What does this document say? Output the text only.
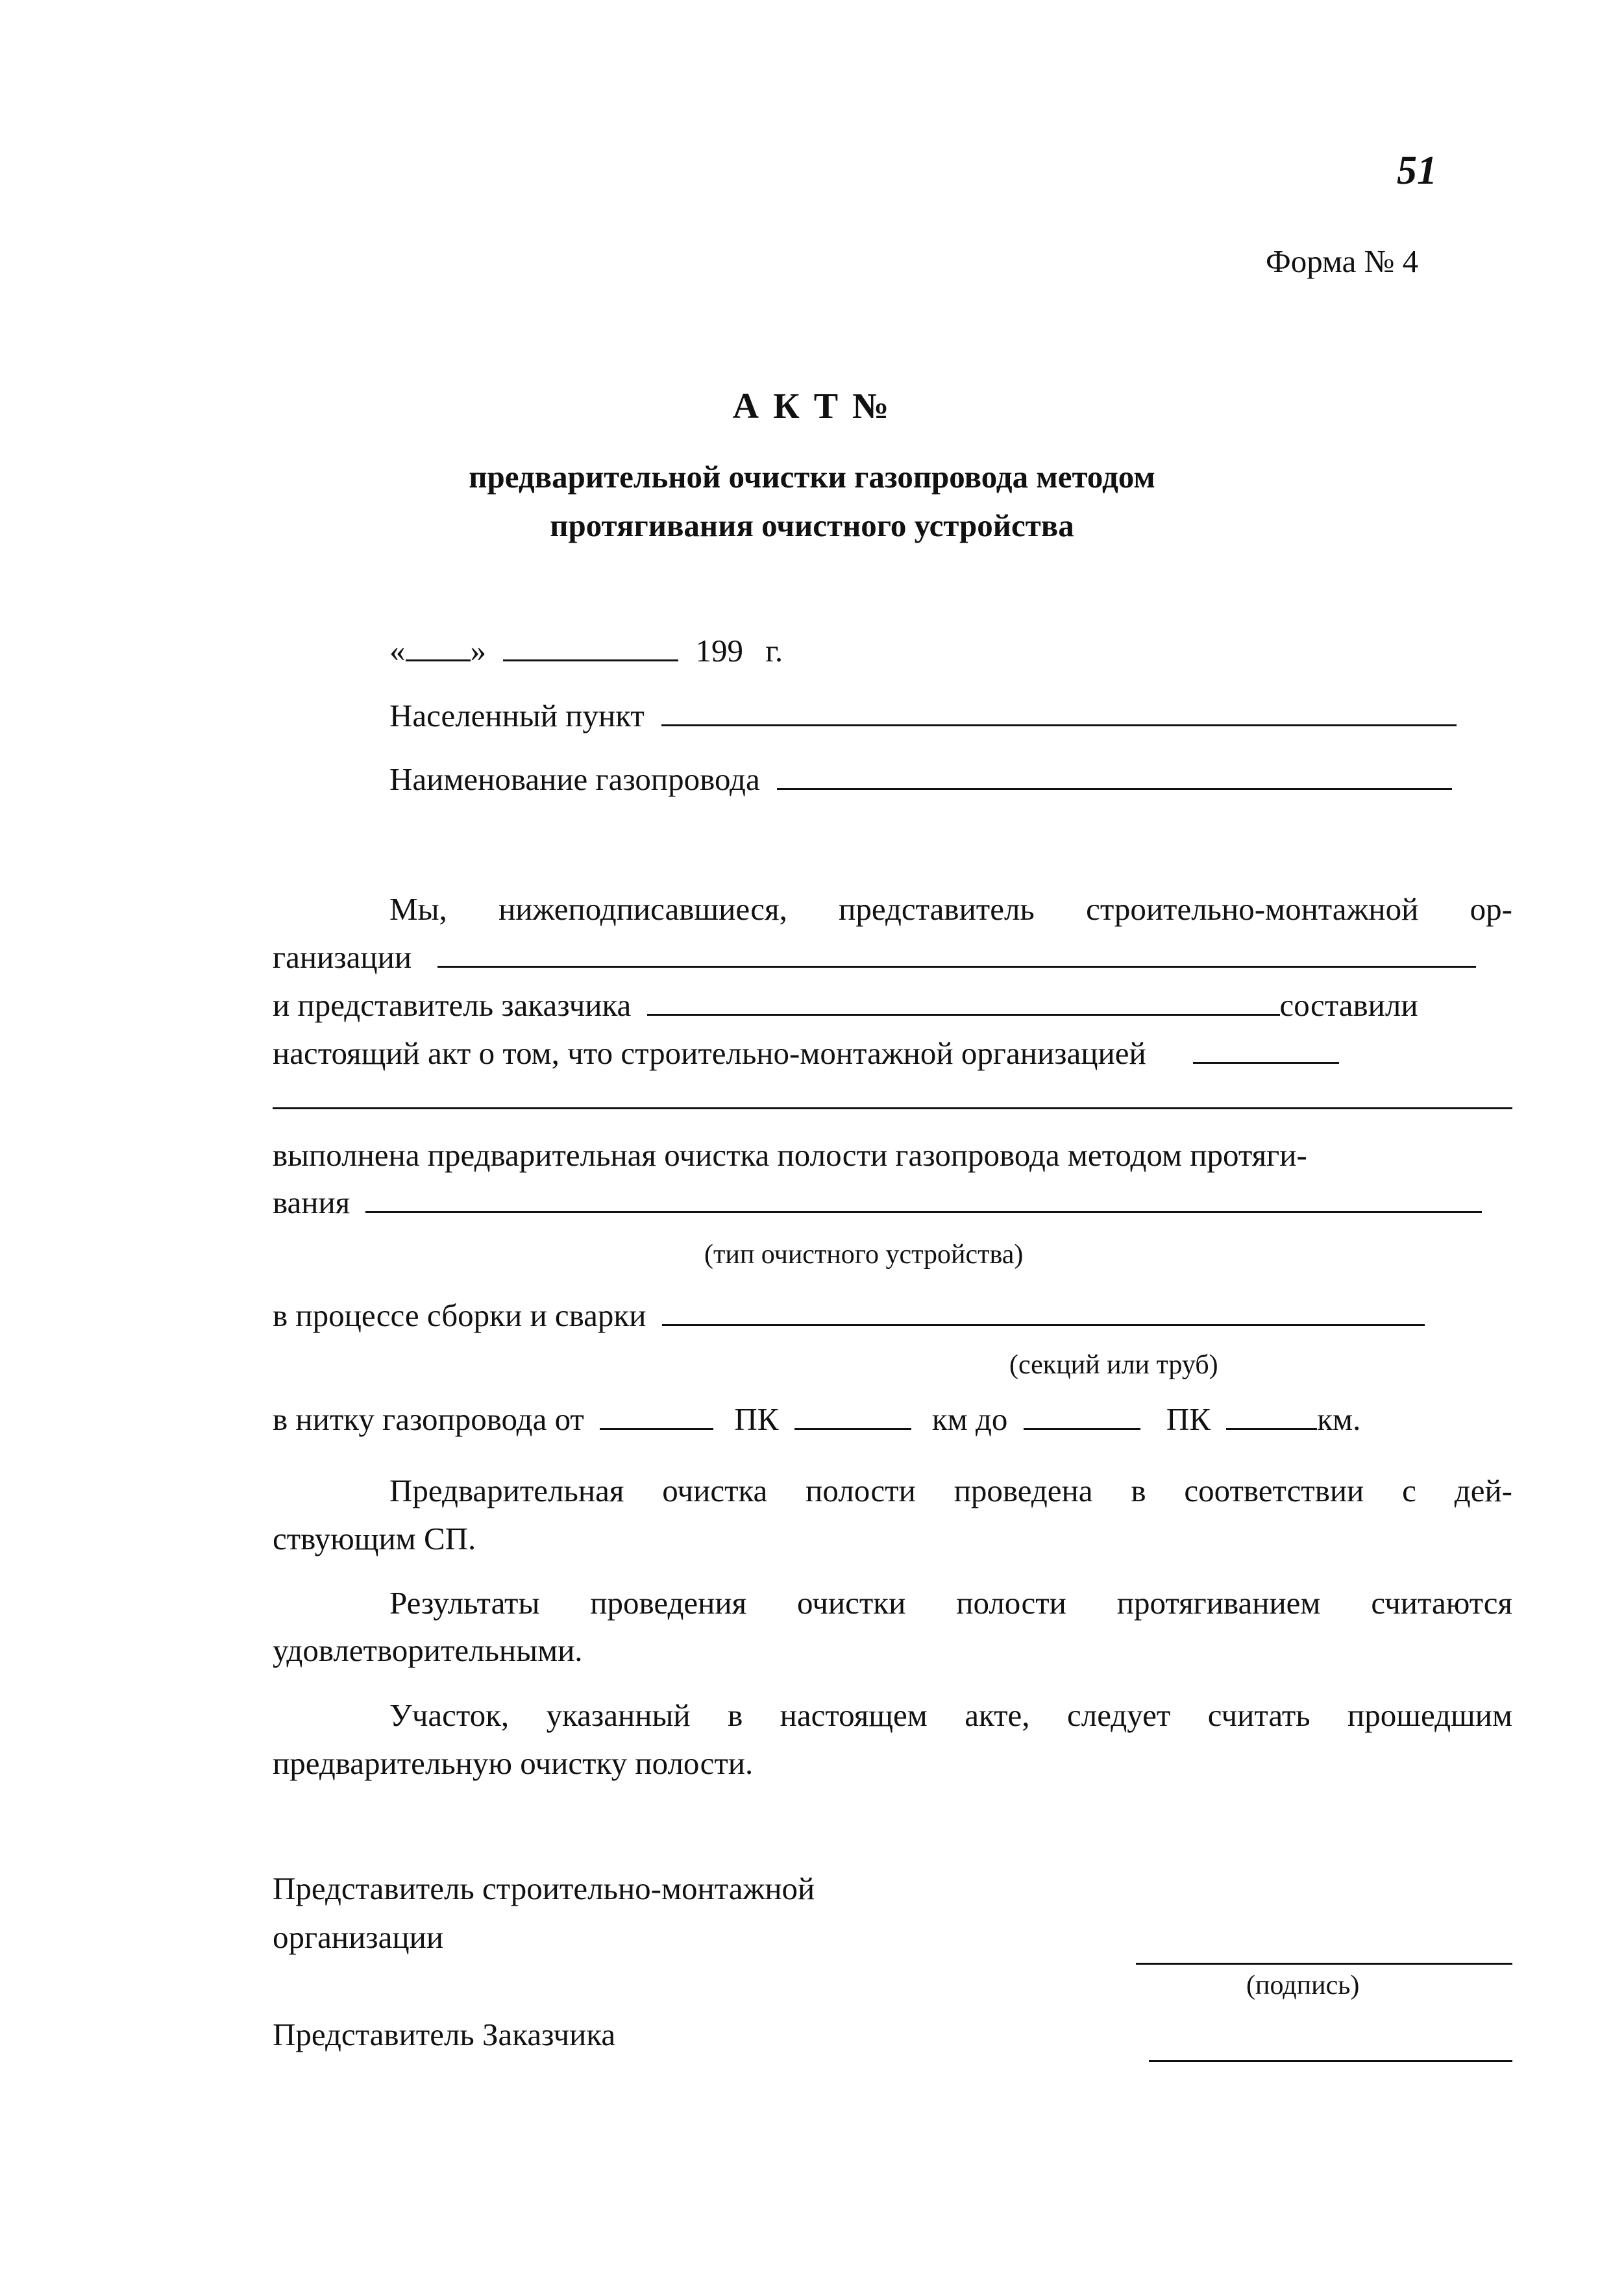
51
Форма № 4
А К Т №
предварительной очистки газопровода методом
протягивания очистного устройства
« »	199 г.
Населенный пункт
Наименование газопровода
Мы, нижеподписавшиеся, представитель строительно-монтажной ор-
ганизации
и представитель заказчика	составили
настоящий акт о том, что строительно-монтажной организацией
выполнена предварительная очистка полости газопровода методом протяги-
вания
(тип очистного устройства)
в процессе сборки и сварки
(секций или труб)
в нитку газопровода от	ПК	км до	ПК	км.
Предварительная очистка полости проведена в соответствии с дей-
ствующим СП.
Результаты проведения очистки полости протягиванием считаются
удовлетворительными.
Участок, указанный в настоящем акте, следует считать прошедшим
предварительную очистку полости.
Представитель строительно-монтажной
организации
(подпись)
Представитель Заказчика
